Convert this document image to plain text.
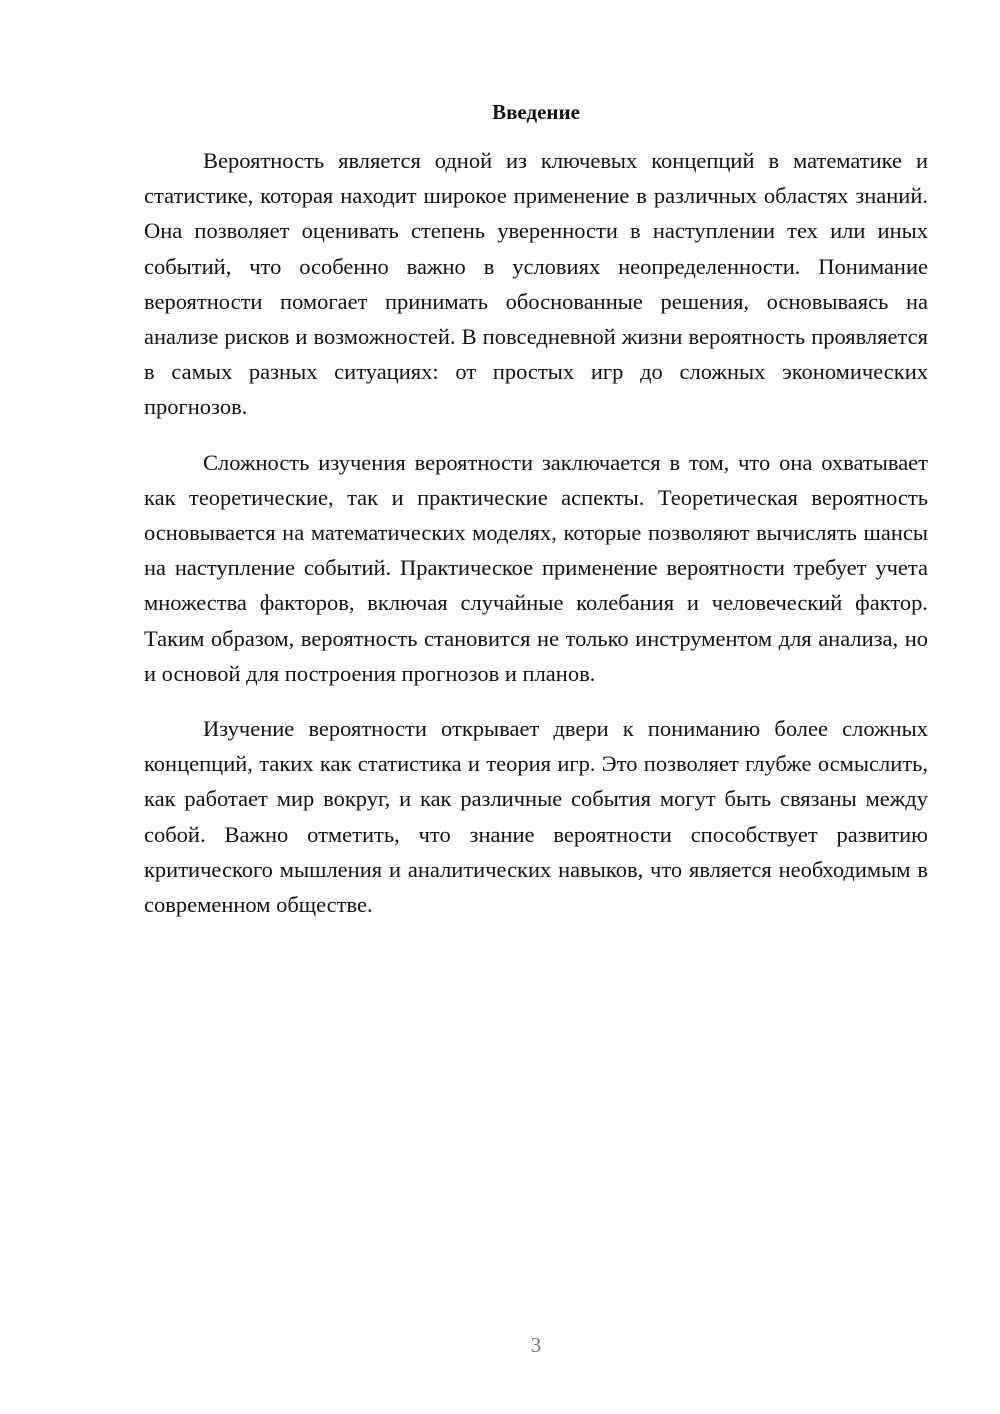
Введение

Вероятность является одной из ключевых концепций в математике и статистике, которая находит широкое применение в различных областях знаний. Она позволяет оценивать степень уверенности в наступлении тех или иных событий, что особенно важно в условиях неопределенности. Понимание вероятности помогает принимать обоснованные решения, основываясь на анализе рисков и возможностей. В повседневной жизни вероятность проявляется в самых разных ситуациях: от простых игр до сложных экономических прогнозов.

Сложность изучения вероятности заключается в том, что она охватывает как теоретические, так и практические аспекты. Теоретическая вероятность основывается на математических моделях, которые позволяют вычислять шансы на наступление событий. Практическое применение вероятности требует учета множества факторов, включая случайные колебания и человеческий фактор. Таким образом, вероятность становится не только инструментом для анализа, но и основой для построения прогнозов и планов.

Изучение вероятности открывает двери к пониманию более сложных концепций, таких как статистика и теория игр. Это позволяет глубже осмыслить, как работает мир вокруг, и как различные события могут быть связаны между собой. Важно отметить, что знание вероятности способствует развитию критического мышления и аналитических навыков, что является необходимым в современном обществе.

3
